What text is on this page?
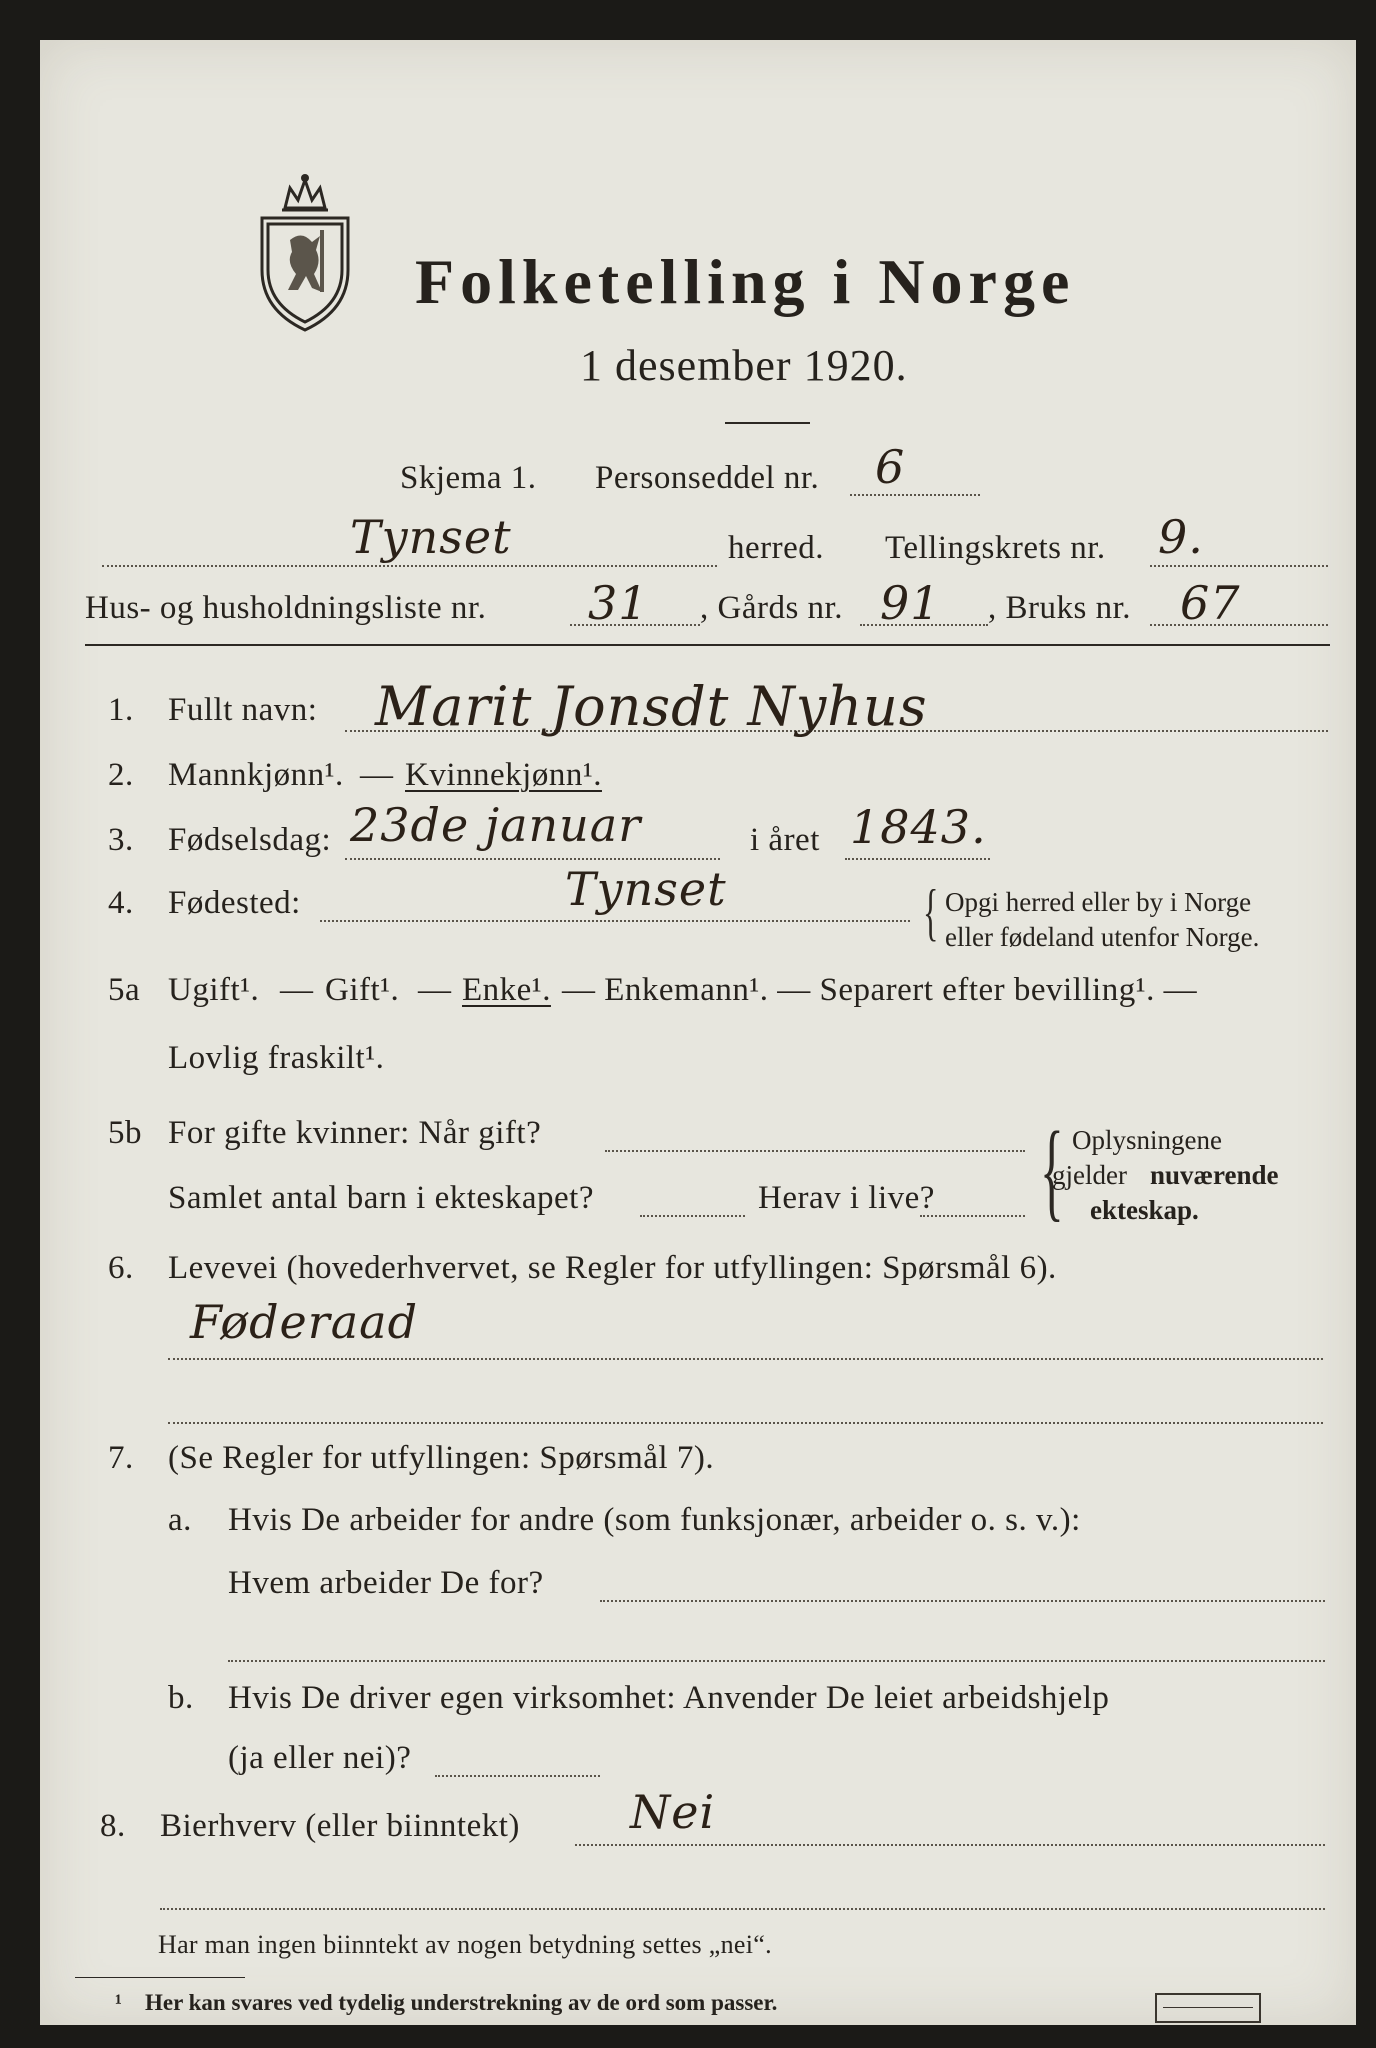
Folketelling i Norge
1 desember 1920.
Skjema 1. Personseddel nr. 6
Tynset	herred. Tellingskrets nr. 9.
Hus- og husholdningsliste nr. 31 , Gårds nr. 91 , Bruks nr. 67
1. Fullt navn: Marit Jonsdt Nyhus
2. Mannkjønn¹. — Kvinnekjønn¹.
3. Fødselsdag: 23de januar	i året 1843.
4. Fødested:	Tynset	{ Opgi herred eller by i Norge
eller fødeland utenfor Norge.
5a Ugift¹. — Gift¹. — Enke¹. — Enkemann¹. — Separert efter bevilling¹. —
Lovlig fraskilt¹.
5b For gifte kvinner: Når gift?
Samlet antal barn i ekteskapet?	Herav i live? { Oplysningene
gjelder nuværende
ekteskap.
6. Levevei (hovederhvervet, se Regler for utfyllingen: Spørsmål 6).
Føderaad
7. (Se Regler for utfyllingen: Spørsmål 7).
a. Hvis De arbeider for andre (som funksjonær, arbeider o. s. v.):
Hvem arbeider De for?
b. Hvis De driver egen virksomhet: Anvender De leiet arbeidshjelp
(ja eller nei)?
8. Bierhverv (eller biinntekt) Nei
Har man ingen biinntekt av nogen betydning settes „nei“.
¹ Her kan svares ved tydelig understrekning av de ord som passer.
